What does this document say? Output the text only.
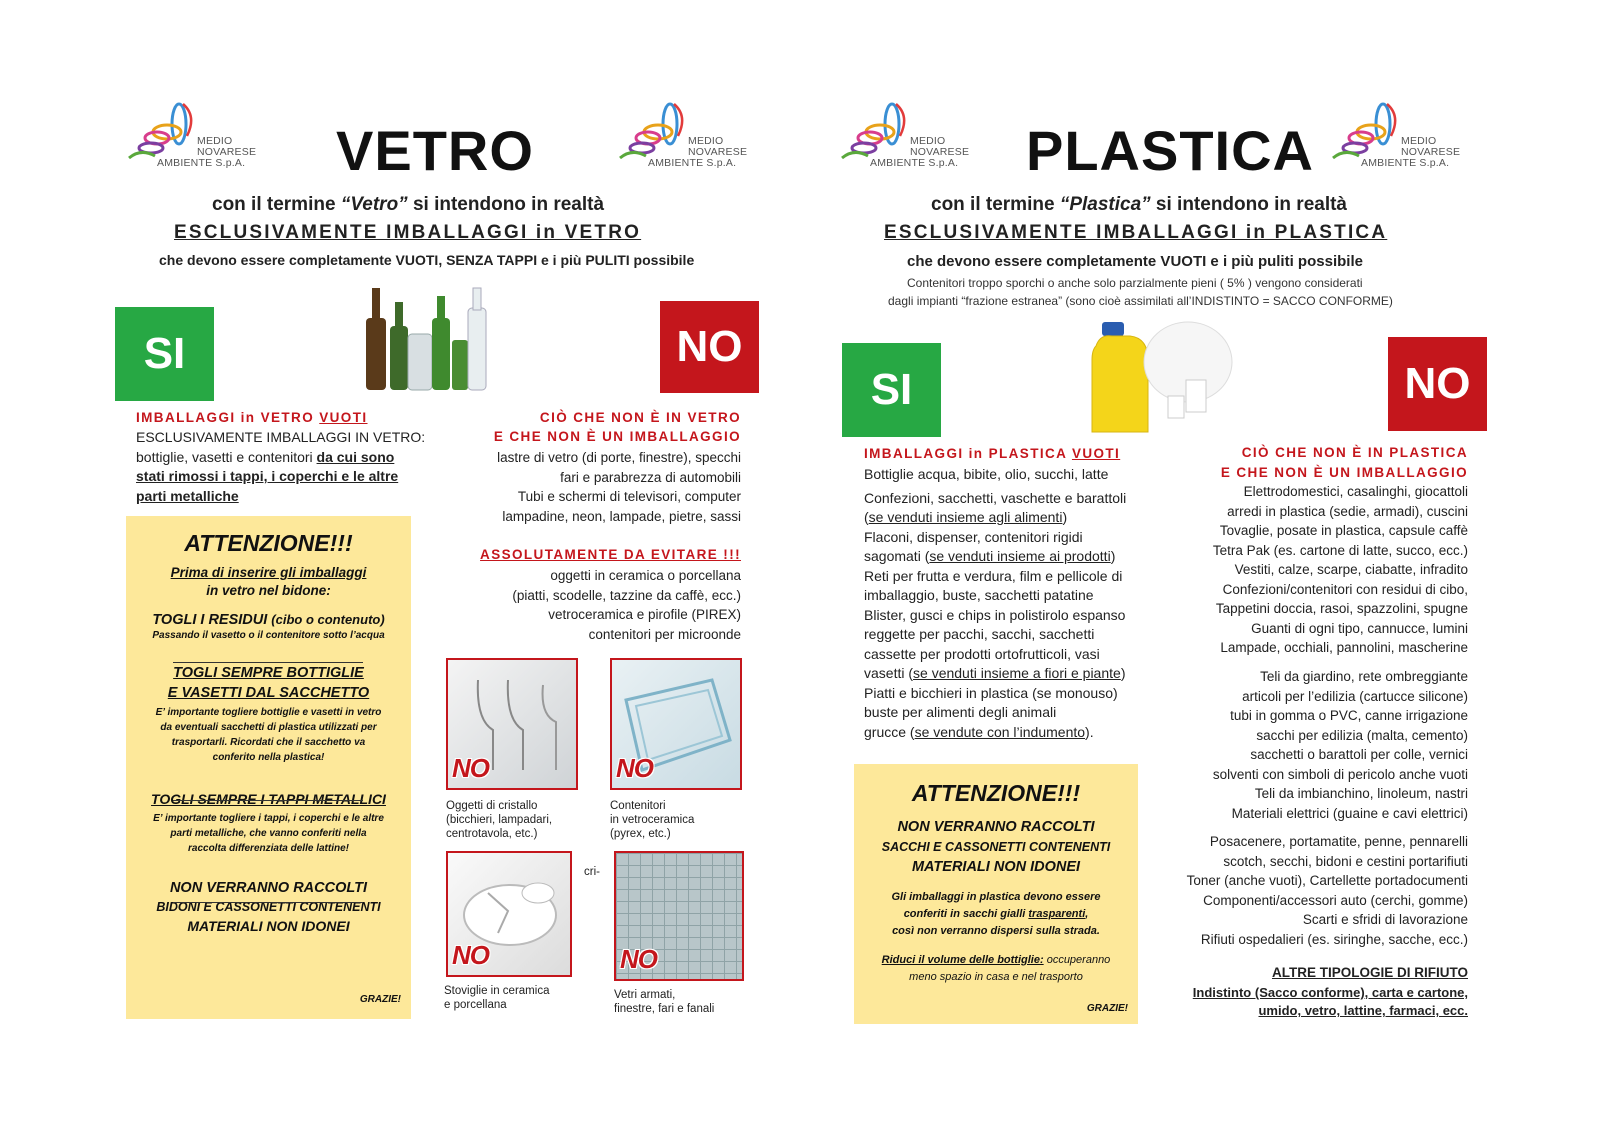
MEDIO
NOVARESE
AMBIENTE S.p.A.
MEDIO
NOVARESE
AMBIENTE S.p.A.
MEDIO
NOVARESE
AMBIENTE S.p.A.
MEDIO
NOVARESE
AMBIENTE S.p.A.
VETRO
con il termine “Vetro” si intendono in realtà
ESCLUSIVAMENTE IMBALLAGGI in VETRO
che devono essere completamente VUOTI, SENZA TAPPI e i più PULITI possibile
SI	NO
IMBALLAGGI in VETRO VUOTI
ESCLUSIVAMENTE IMBALLAGGI IN VETRO:
bottiglie, vasetti e contenitori da cui sono
stati rimossi i tappi, i coperchi e le altre
parti metalliche
CIÒ CHE NON È IN VETRO
E CHE NON È UN IMBALLAGGIO
lastre di vetro (di porte, finestre), specchi
fari e parabrezza di automobili
Tubi e schermi di televisori, computer
lampadine, neon, lampade, pietre, sassi
ASSOLUTAMENTE DA EVITARE !!!
oggetti in ceramica o porcellana
(piatti, scodelle, tazzine da caffè, ecc.)
vetroceramica e pirofile (PIREX)
contenitori per microonde
ATTENZIONE!!!
Prima di inserire gli imballaggi
in vetro nel bidone:
TOGLI I RESIDUI (cibo o contenuto)
Passando il vasetto o il contenitore sotto l’acqua
TOGLI SEMPRE BOTTIGLIE
E VASETTI DAL SACCHETTO
E’ importante togliere bottiglie e vasetti in vetro
da eventuali sacchetti di plastica utilizzati per
trasportarli. Ricordati che il sacchetto va
conferito nella plastica!
TOGLI SEMPRE I TAPPI METALLICI
E’ importante togliere i tappi, i coperchi e le altre
parti metalliche, che vanno conferiti nella
raccolta differenziata delle lattine!
NON VERRANNO RACCOLTI
BIDONI E CASSONETTI CONTENENTI
MATERIALI NON IDONEI
GRAZIE!
NO	NO
Oggetti di cristallo
(bicchieri, lampadari,
centrotavola, etc.)
Contenitori
in vetroceramica
(pyrex, etc.)
NO
cri-
NO
Stoviglie in ceramica
e porcellana
Vetri armati,
finestre, fari e fanali
PLASTICA
con il termine “Plastica” si intendono in realtà
ESCLUSIVAMENTE IMBALLAGGI in PLASTICA
che devono essere completamente VUOTI e i più puliti possibile
Contenitori troppo sporchi o anche solo parzialmente pieni ( 5% ) vengono considerati
dagli impianti “frazione estranea” (sono cioè assimilati all’INDISTINTO = SACCO CONFORME)
SI	NO
IMBALLAGGI in PLASTICA VUOTI
Bottiglie acqua, bibite, olio, succhi, latte
Confezioni, sacchetti, vaschette e barattoli
(se venduti insieme agli alimenti)
Flaconi, dispenser, contenitori rigidi
sagomati (se venduti insieme ai prodotti)
Reti per frutta e verdura, film e pellicole di
imballaggio, buste, sacchetti patatine
Blister, gusci e chips in polistirolo espanso
reggette per pacchi, sacchi, sacchetti
cassette per prodotti ortofrutticoli, vasi
vasetti (se venduti insieme a fiori e piante)
Piatti e bicchieri in plastica (se monouso)
buste per alimenti degli animali
grucce (se vendute con l’indumento).
CIÒ CHE NON È IN PLASTICA
E CHE NON È UN IMBALLAGGIO
Elettrodomestici, casalinghi, giocattoli
arredi in plastica (sedie, armadi), cuscini
Tovaglie, posate in plastica, capsule caffè
Tetra Pak (es. cartone di latte, succo, ecc.)
Vestiti, calze, scarpe, ciabatte, infradito
Confezioni/contenitori con residui di cibo,
Tappetini doccia, rasoi, spazzolini, spugne
Guanti di ogni tipo, cannucce, lumini
Lampade, occhiali, pannolini, mascherine
Teli da giardino, rete ombreggiante
articoli per l’edilizia (cartucce silicone)
tubi in gomma o PVC, canne irrigazione
sacchi per edilizia (malta, cemento)
sacchetti o barattoli per colle, vernici
solventi con simboli di pericolo anche vuoti
Teli da imbianchino, linoleum, nastri
Materiali elettrici (guaine e cavi elettrici)
Posacenere, portamatite, penne, pennarelli
scotch, secchi, bidoni e cestini portarifiuti
Toner (anche vuoti), Cartellette portadocumenti
Componenti/accessori auto (cerchi, gomme)
Scarti e sfridi di lavorazione
Rifiuti ospedalieri (es. siringhe, sacche, ecc.)
ALTRE TIPOLOGIE DI RIFIUTO
Indistinto (Sacco conforme), carta e cartone,
umido, vetro, lattine, farmaci, ecc.
ATTENZIONE!!!
NON VERRANNO RACCOLTI
SACCHI E CASSONETTI CONTENENTI
MATERIALI NON IDONEI
Gli imballaggi in plastica devono essere
conferiti in sacchi gialli trasparenti,
così non verranno dispersi sulla strada.
Riduci il volume delle bottiglie: occuperanno
meno spazio in casa e nel trasporto
GRAZIE!
